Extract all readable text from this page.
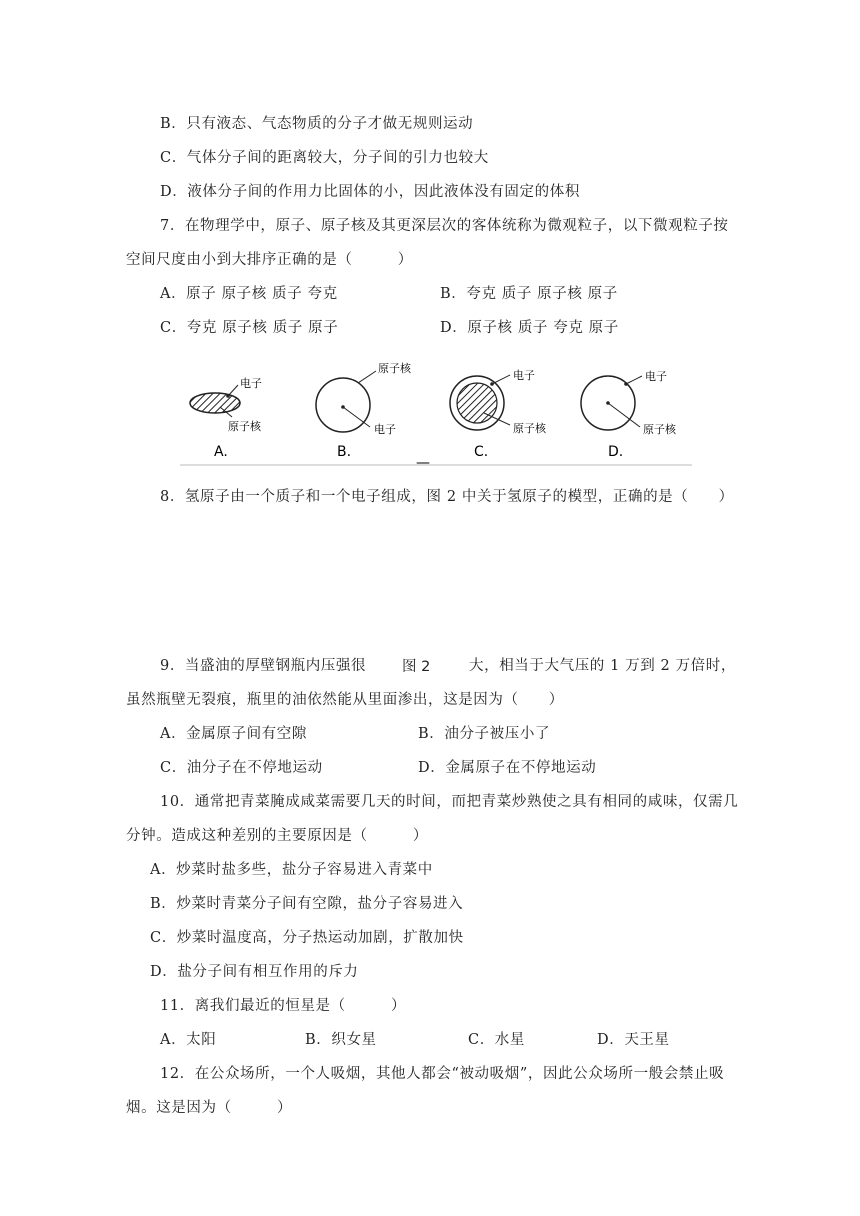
B．只有液态、气态物质的分子才做无规则运动
C．气体分子间的距离较大，分子间的引力也较大
D．液体分子间的作用力比固体的小，因此液体没有固定的体积
7．在物理学中，原子、原子核及其更深层次的客体统称为微观粒子，以下微观粒子按
空间尺度由小到大排序正确的是（　　　）
A．原子 原子核 质子 夸克	B．夸克 质子 原子核 原子
C．夸克 原子核 质子 原子	D．原子核 质子 夸克 原子
电子
原子核
A.
原子核
电子
B.
电子
原子核
C.
电子
原子核
D.
—
8．氢原子由一个质子和一个电子组成，图 2 中关于氢原子的模型，正确的是（　　）
9．当盛油的厚壁钢瓶内压强很 图 2	大，相当于大气压的 1 万到 2 万倍时，
虽然瓶壁无裂痕，瓶里的油依然能从里面渗出，这是因为（　　）
A．金属原子间有空隙	B．油分子被压小了
C．油分子在不停地运动	D．金属原子在不停地运动
10．通常把青菜腌成咸菜需要几天的时间，而把青菜炒熟使之具有相同的咸味，仅需几
分钟。造成这种差别的主要原因是（　　　）
A．炒菜时盐多些，盐分子容易进入青菜中
B．炒菜时青菜分子间有空隙，盐分子容易进入
C．炒菜时温度高，分子热运动加剧，扩散加快
D．盐分子间有相互作用的斥力
11．离我们最近的恒星是（　　　）
A．太阳	B．织女星	C．水星	D．天王星
12．在公众场所，一个人吸烟，其他人都会“被动吸烟”，因此公众场所一般会禁止吸
烟。这是因为（　　　）
